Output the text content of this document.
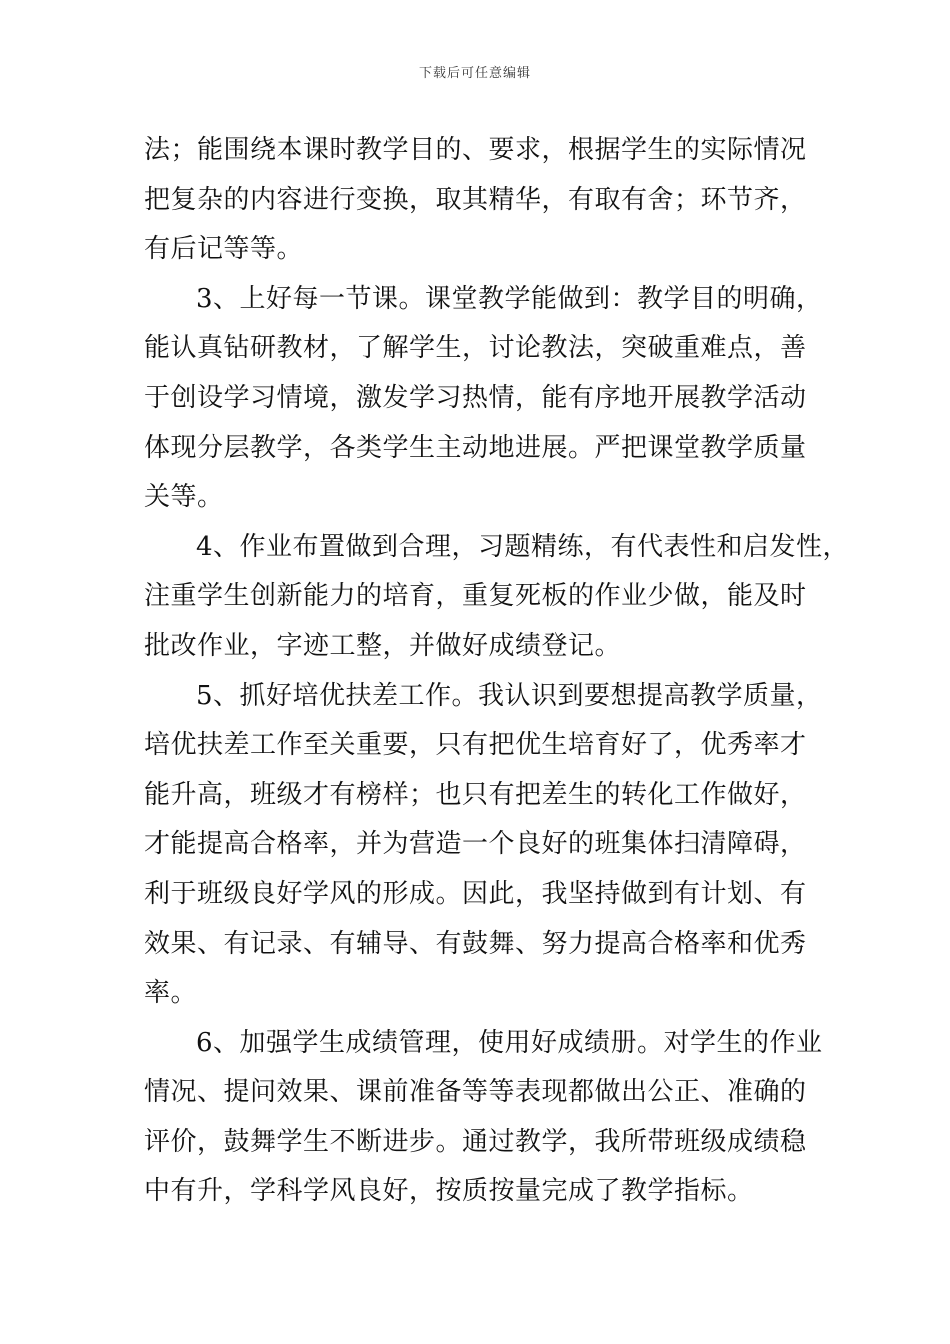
下载后可任意编辑
法；能围绕本课时教学目的、要求，根据学生的实际情况
把复杂的内容进行变换，取其精华，有取有舍；环节齐，
有后记等等。
3、上好每一节课。课堂教学能做到：教学目的明确，
能认真钻研教材，了解学生，讨论教法，突破重难点，善
于创设学习情境，激发学习热情，能有序地开展教学活动
体现分层教学，各类学生主动地进展。严把课堂教学质量
关等。
4、作业布置做到合理，习题精练，有代表性和启发性，
注重学生创新能力的培育，重复死板的作业少做，能及时
批改作业，字迹工整，并做好成绩登记。
5、抓好培优扶差工作。我认识到要想提高教学质量，
培优扶差工作至关重要，只有把优生培育好了，优秀率才
能升高，班级才有榜样；也只有把差生的转化工作做好，
才能提高合格率，并为营造一个良好的班集体扫清障碍，
利于班级良好学风的形成。因此，我坚持做到有计划、有
效果、有记录、有辅导、有鼓舞、努力提高合格率和优秀
率。
6、加强学生成绩管理，使用好成绩册。对学生的作业
情况、提问效果、课前准备等等表现都做出公正、准确的
评价，鼓舞学生不断进步。通过教学，我所带班级成绩稳
中有升，学科学风良好，按质按量完成了教学指标。
